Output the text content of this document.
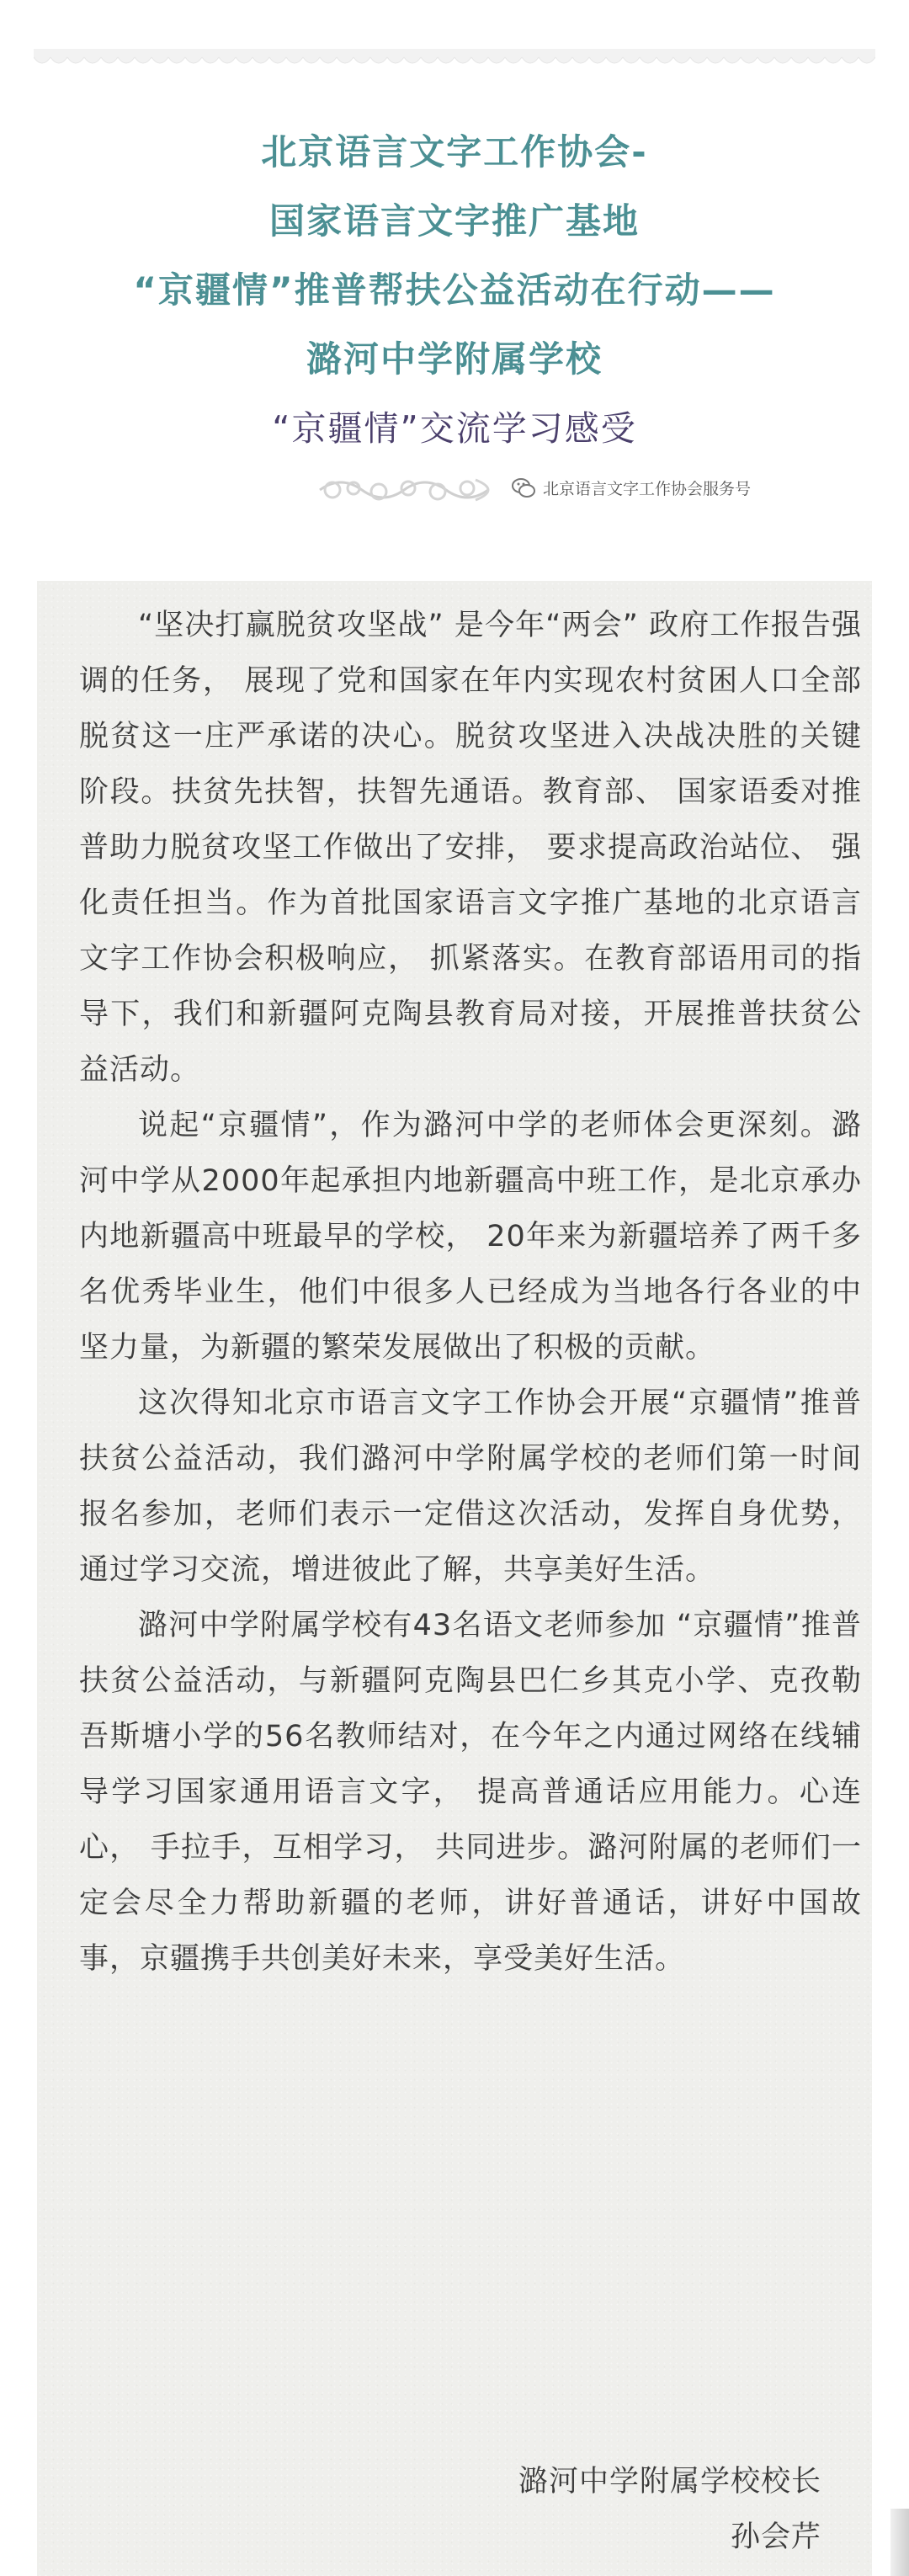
北京语言文字工作协会-
国家语言文字推广基地
“京疆情”推普帮扶公益活动在行动——
潞河中学附属学校
“京疆情”交流学习感受
北京语言文字工作协会服务号

“坚决打赢脱贫攻坚战” 是今年“两会” 政府工作报告强调的任务， 展现了党和国家在年内实现农村贫困人口全部脱贫这一庄严承诺的决心。脱贫攻坚进入决战决胜的关键阶段。扶贫先扶智，扶智先通语。教育部、 国家语委对推普助力脱贫攻坚工作做出了安排， 要求提高政治站位、 强化责任担当。作为首批国家语言文字推广基地的北京语言文字工作协会积极响应， 抓紧落实。在教育部语用司的指导下，我们和新疆阿克陶县教育局对接，开展推普扶贫公益活动。

说起“京疆情”，作为潞河中学的老师体会更深刻。潞河中学从2000年起承担内地新疆高中班工作，是北京承办内地新疆高中班最早的学校， 20年来为新疆培养了两千多名优秀毕业生，他们中很多人已经成为当地各行各业的中坚力量，为新疆的繁荣发展做出了积极的贡献。

这次得知北京市语言文字工作协会开展“京疆情”推普扶贫公益活动，我们潞河中学附属学校的老师们第一时间报名参加，老师们表示一定借这次活动，发挥自身优势，通过学习交流，增进彼此了解，共享美好生活。

潞河中学附属学校有43名语文老师参加 “京疆情”推普扶贫公益活动，与新疆阿克陶县巴仁乡其克小学、克孜勒吾斯塘小学的56名教师结对，在今年之内通过网络在线辅导学习国家通用语言文字， 提高普通话应用能力。心连心， 手拉手，互相学习， 共同进步。潞河附属的老师们一定会尽全力帮助新疆的老师，讲好普通话，讲好中国故事，京疆携手共创美好未来，享受美好生活。

潞河中学附属学校校长
孙会芹
